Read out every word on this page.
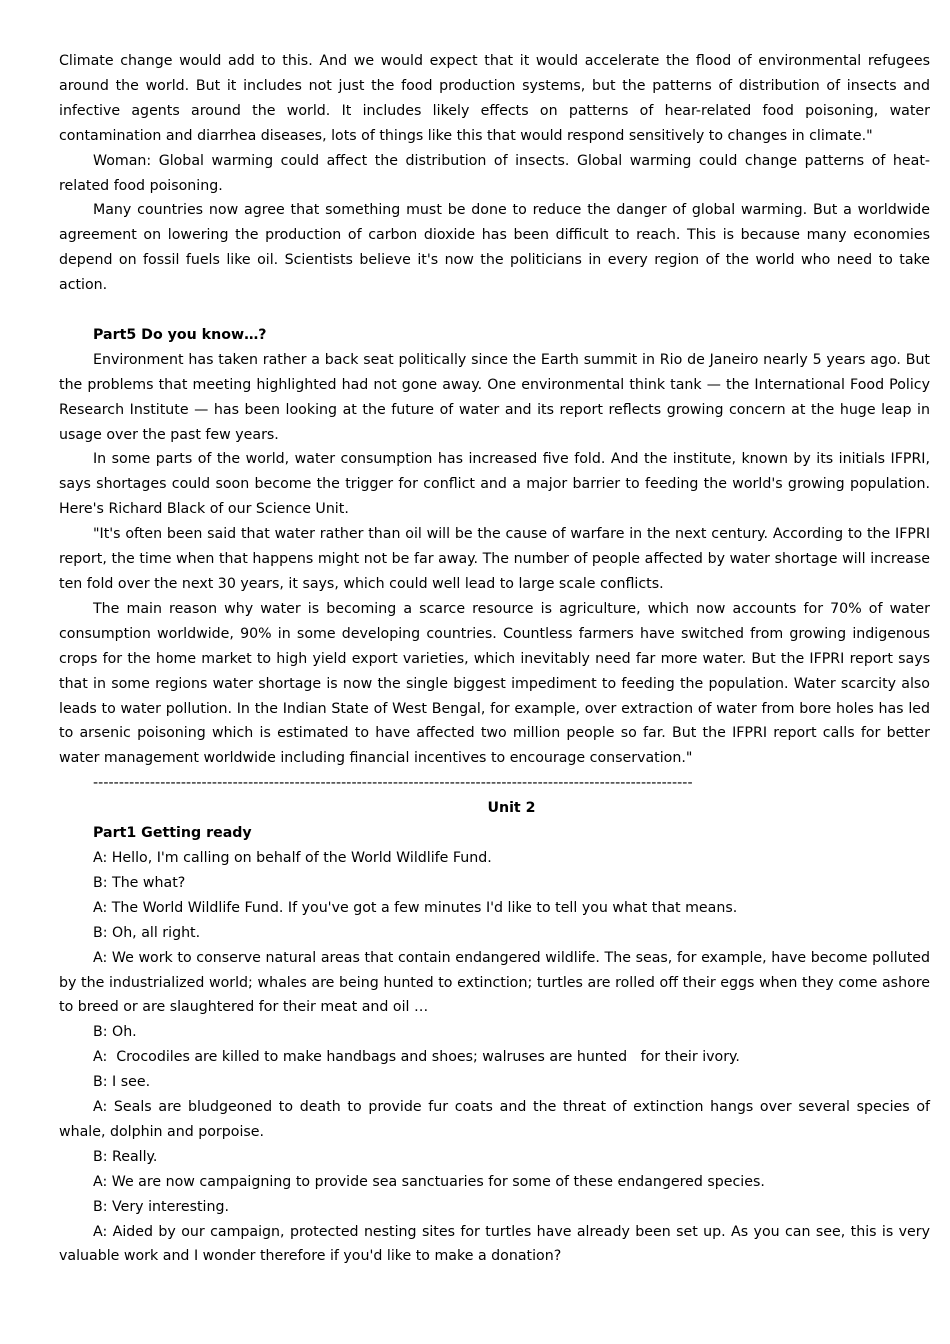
Climate change would add to this. And we would expect that it would accelerate the flood of environmental refugees around the world. But it includes not just the food production systems, but the patterns of distribution of insects and infective agents around the world. It includes likely effects on patterns of hear-related food poisoning, water contamination and diarrhea diseases, lots of things like this that would respond sensitively to changes in climate."

Woman: Global warming could affect the distribution of insects. Global warming could change patterns of heat-related food poisoning.

Many countries now agree that something must be done to reduce the danger of global warming. But a worldwide agreement on lowering the production of carbon dioxide has been difficult to reach. This is because many economies depend on fossil fuels like oil. Scientists believe it's now the politicians in every region of the world who need to take action.

Part5 Do you know…?

Environment has taken rather a back seat politically since the Earth summit in Rio de Janeiro nearly 5 years ago. But the problems that meeting highlighted had not gone away. One environmental think tank — the International Food Policy Research Institute — has been looking at the future of water and its report reflects growing concern at the huge leap in usage over the past few years.

In some parts of the world, water consumption has increased five fold. And the institute, known by its initials IFPRI, says shortages could soon become the trigger for conflict and a major barrier to feeding the world's growing population. Here's Richard Black of our Science Unit.

"It's often been said that water rather than oil will be the cause of warfare in the next century. According to the IFPRI report, the time when that happens might not be far away. The number of people affected by water shortage will increase ten fold over the next 30 years, it says, which could well lead to large scale conflicts.

The main reason why water is becoming a scarce resource is agriculture, which now accounts for 70% of water consumption worldwide, 90% in some developing countries. Countless farmers have switched from growing indigenous crops for the home market to high yield export varieties, which inevitably need far more water. But the IFPRI report says that in some regions water shortage is now the single biggest impediment to feeding the population. Water scarcity also leads to water pollution. In the Indian State of West Bengal, for example, over extraction of water from bore holes has led to arsenic poisoning which is estimated to have affected two million people so far. But the IFPRI report calls for better water management worldwide including financial incentives to encourage conservation."

--------------------------------------------------------------------------------------------------------------------

Unit 2

Part1 Getting ready

A: Hello, I'm calling on behalf of the World Wildlife Fund.

B: The what?

A: The World Wildlife Fund. If you've got a few minutes I'd like to tell you what that means.

B: Oh, all right.

A: We work to conserve natural areas that contain endangered wildlife. The seas, for example, have become polluted by the industrialized world; whales are being hunted to extinction; turtles are rolled off their eggs when they come ashore to breed or are slaughtered for their meat and oil …

B: Oh.

A:  Crocodiles are killed to make handbags and shoes; walruses are hunted   for their ivory.

B: I see.

A: Seals are bludgeoned to death to provide fur coats and the threat of extinction hangs over several species of whale, dolphin and porpoise.

B: Really.

A: We are now campaigning to provide sea sanctuaries for some of these endangered species.

B: Very interesting.

A: Aided by our campaign, protected nesting sites for turtles have already been set up. As you can see, this is very valuable work and I wonder therefore if you'd like to make a donation?
